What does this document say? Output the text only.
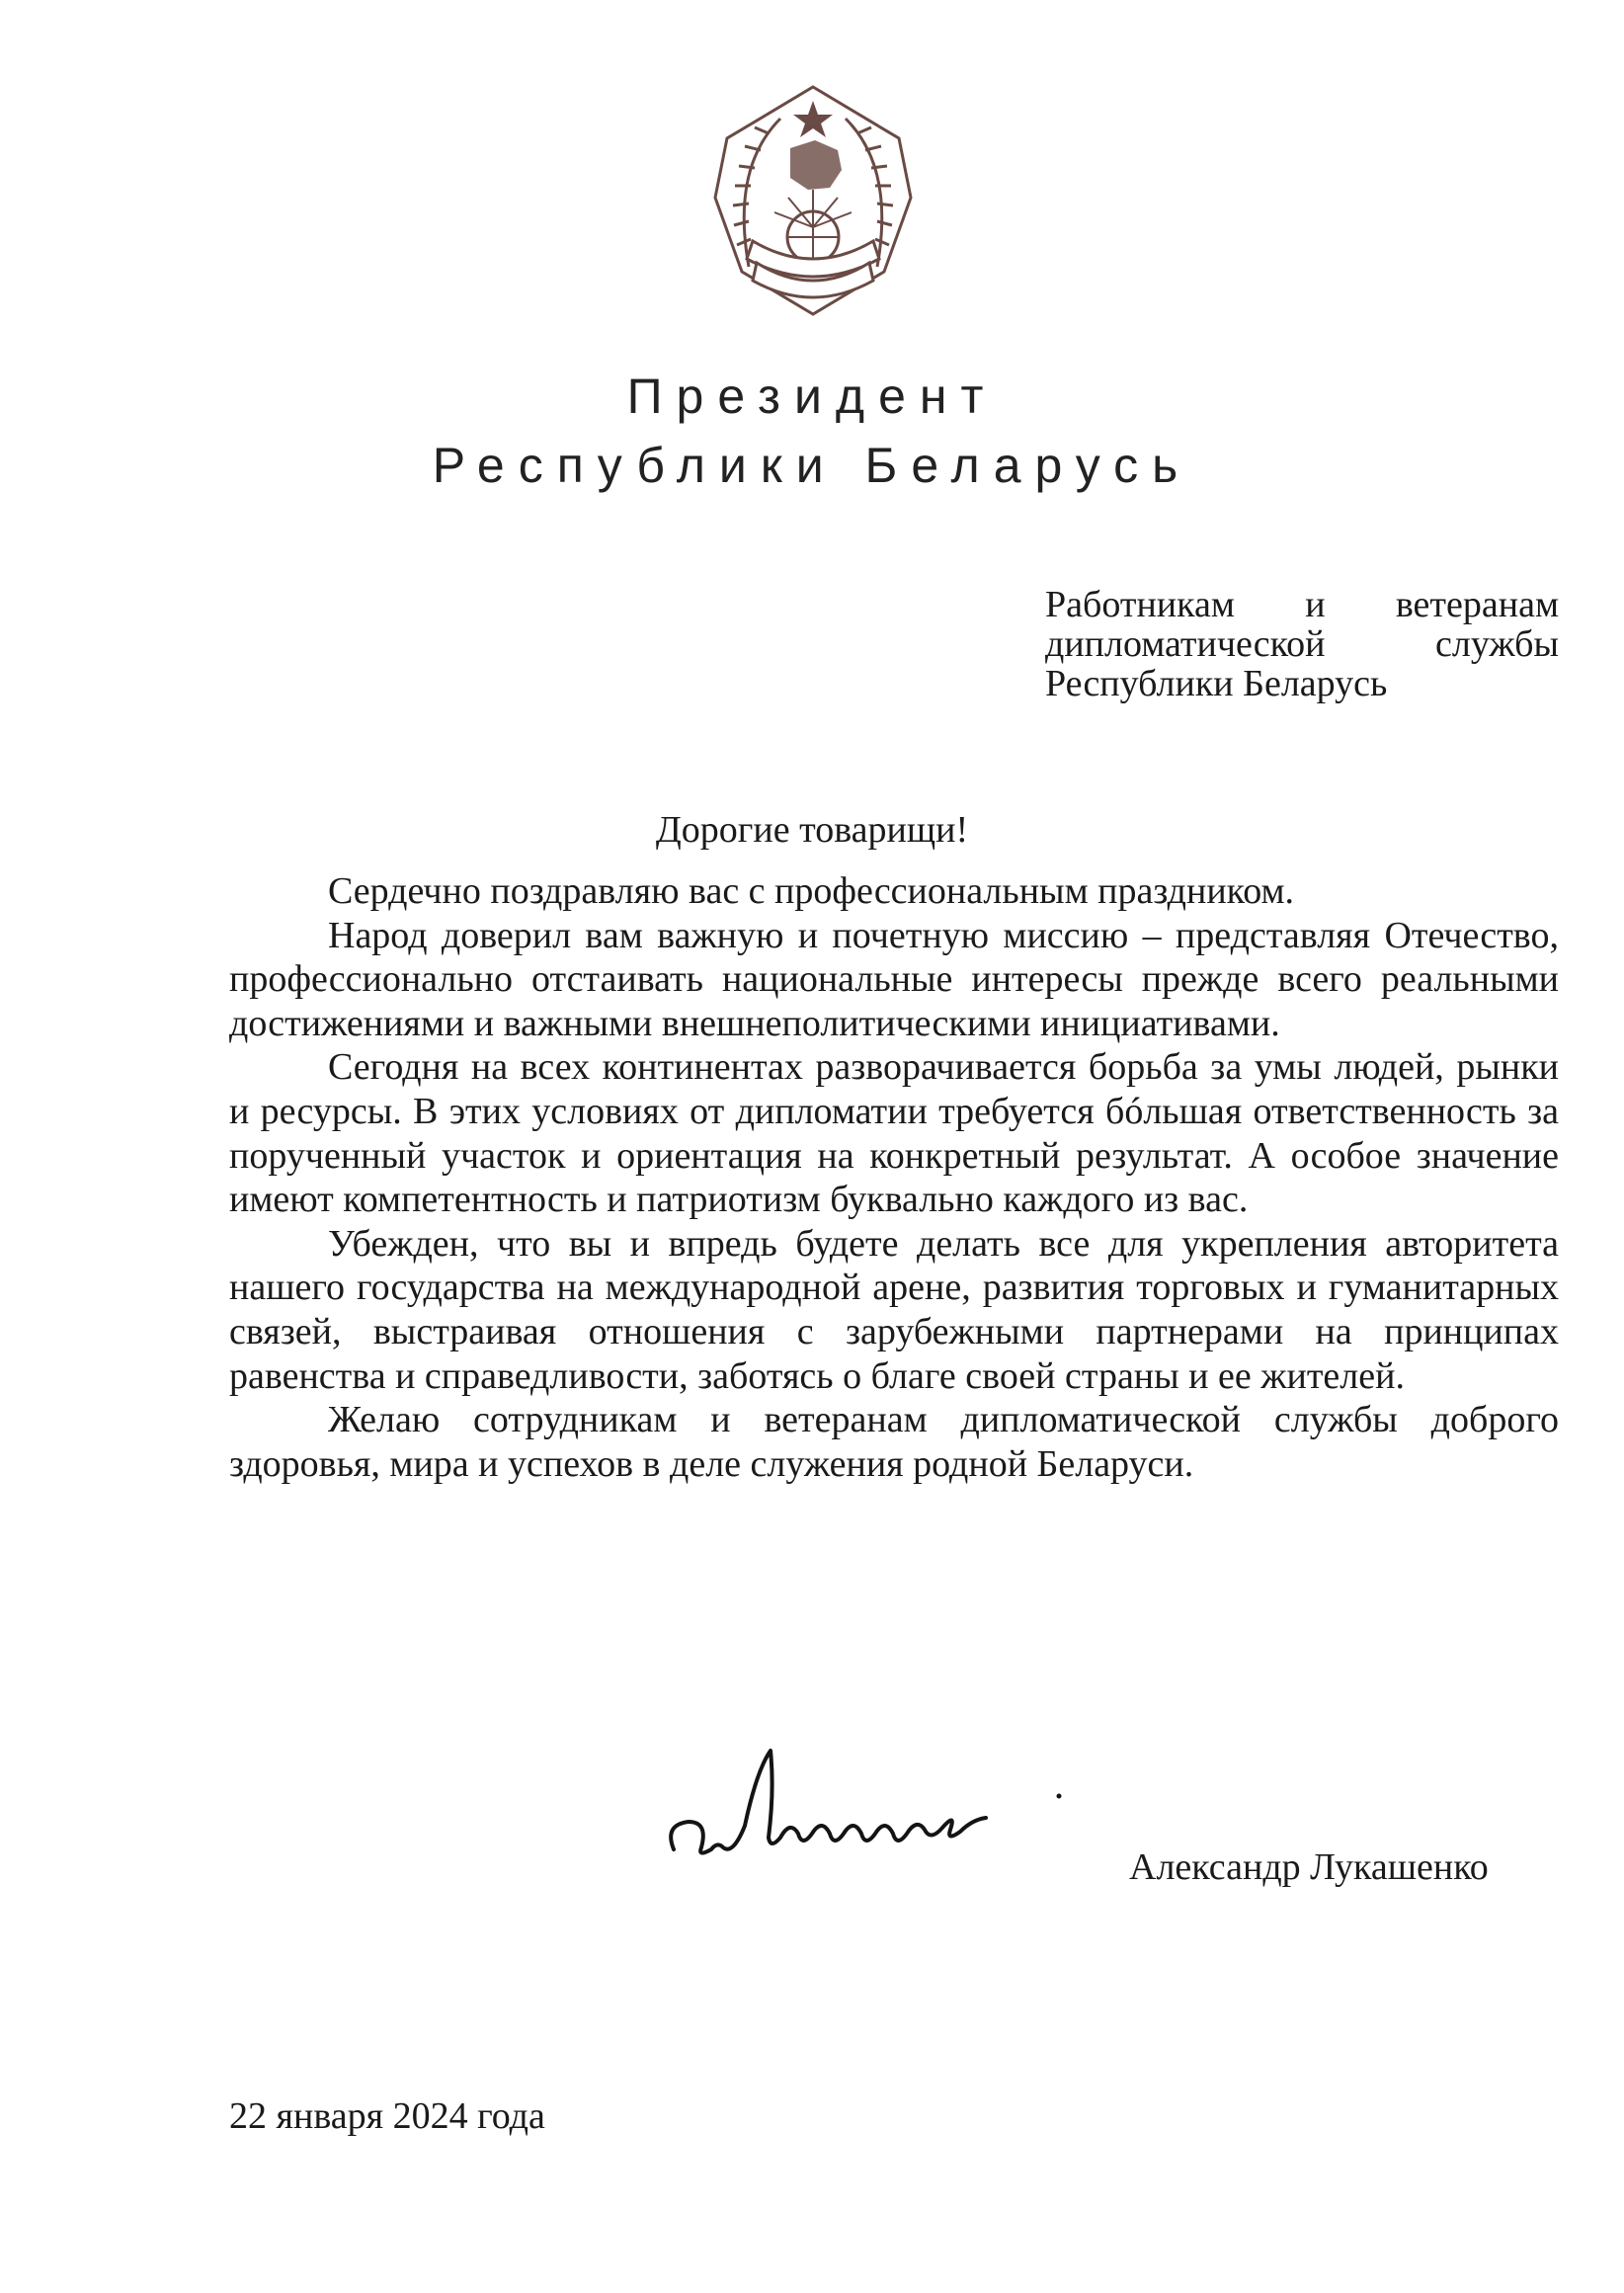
Президент
Республики Беларусь
Работникам и ветеранам
дипломатической службы
Республики Беларусь
Дорогие товарищи!

Сердечно поздравляю вас с профессиональным праздником.

Народ доверил вам важную и почетную миссию – представляя Отечество, профессионально отстаивать национальные интересы прежде всего реальными достижениями и важными внешнеполитическими инициативами.

Сегодня на всех континентах разворачивается борьба за умы людей, рынки и ресурсы. В этих условиях от дипломатии требуется бóльшая ответственность за порученный участок и ориентация на конкретный результат. А особое значение имеют компетентность и патриотизм буквально каждого из вас.

Убежден, что вы и впредь будете делать все для укрепления авторитета нашего государства на международной арене, развития торговых и гуманитарных связей, выстраивая отношения с зарубежными партнерами на принципах равенства и справедливости, заботясь о благе своей страны и ее жителей.

Желаю сотрудникам и ветеранам дипломатической службы доброго здоровья, мира и успехов в деле служения родной Беларуси.

Александр Лукашенко
22 января 2024 года
